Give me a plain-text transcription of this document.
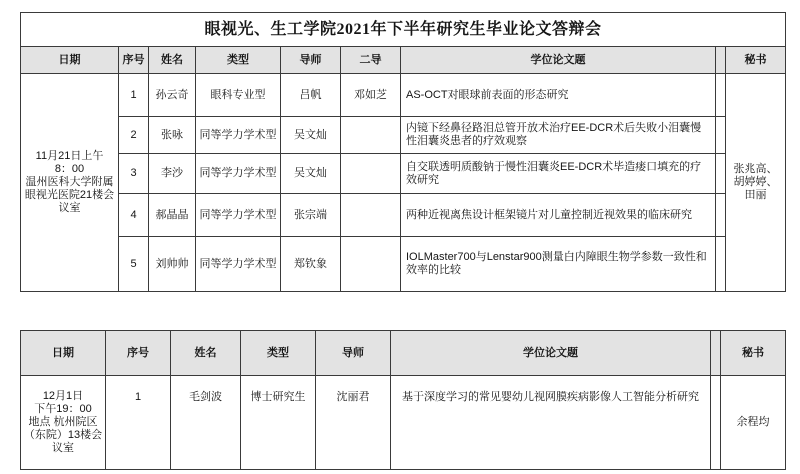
眼视光、生工学院2021年下半年研究生毕业论文答辩会								
日期	序号	姓名	类型	导师	二导	学位论文题		秘书

11月21日上午
8：00
温州医科大学附属眼视光医院21楼会议室	1	孙云奇	眼科专业型	吕帆	邓如芝	AS-OCT对眼球前表面的形态研究		张兆高、
胡婷婷、
田丽

	2	张咏	同等学力学术型	吴文灿		内镜下经鼻径路泪总管开放术治疗EE-DCR术后失败小泪囊慢性泪囊炎患者的疗效观察		
	3	李沙	同等学力学术型	吴文灿		自交联透明质酸钠于慢性泪囊炎EE-DCR术毕造瘘口填充的疗效研究		
	4	郝晶晶	同等学力学术型	张宗端		两种近视离焦设计框架镜片对儿童控制近视效果的临床研究		
	5	刘帅帅	同等学力学术型	郑钦象		IOLMaster700与Lenstar900测量白内障眼生物学参数一致性和效率的比较		
日期	序号	姓名	类型	导师	学位论文题		秘书

12月1日
下午19：00
地点 杭州院区（东院）13楼会议室	1	毛剑波	博士研究生	沈丽君	基于深度学习的常见婴幼儿视网膜疾病影像人工智能分析研究		余程均
